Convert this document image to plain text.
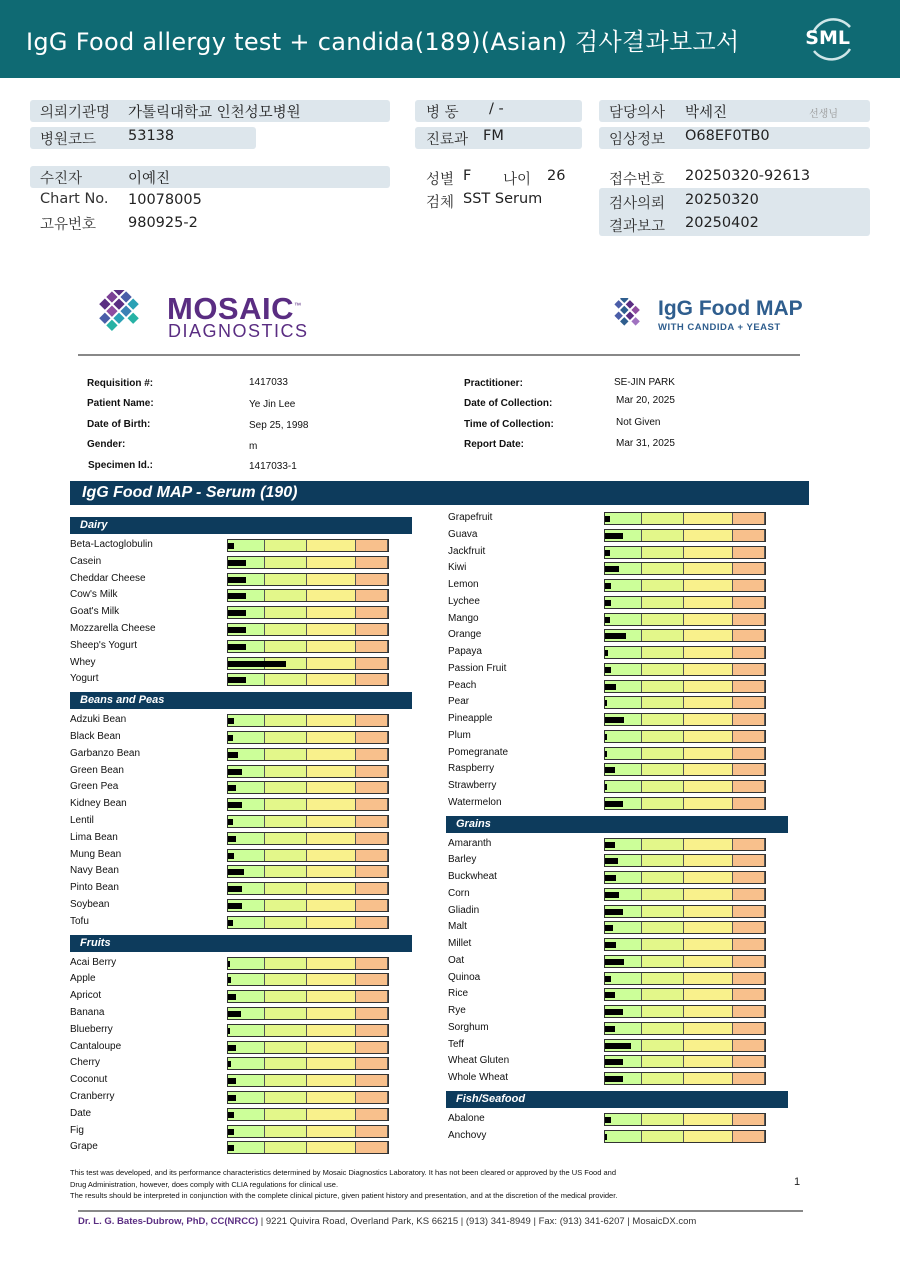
IgG Food allergy test + candida(189)(Asian) 검사결과보고서	SML
의뢰기관명 가톨릭대학교 인천성모병원
병원코드 53138
병 동 / -
진료과 FM
담당의사 박세진	선생님
임상정보 O68EF0TB0
수진자	이예진
Chart No. 10078005
고유번호 980925-2
성별 F 나이 26
검체 SST Serum
접수번호 20250320-92613
검사의뢰 20250320
결과보고 20250402
MOSAIC™
DIAGNOSTICS
IgG Food MAP
WITH CANDIDA + YEAST
Requisition #:	1417033
Patient Name:	Ye Jin Lee
Date of Birth:	Sep 25, 1998
Gender:	m
Specimen Id.:	1417033-1
Practitioner:	SE-JIN PARK
Date of Collection:	Mar 20, 2025
Time of Collection:	Not Given
Report Date:	Mar 31, 2025
IgG Food MAP - Serum (190)
Dairy
Beta-Lactoglobulin
Casein
Cheddar Cheese
Cow's Milk
Goat's Milk
Mozzarella Cheese
Sheep's Yogurt
Whey
Yogurt
Beans and Peas
Adzuki Bean
Black Bean
Garbanzo Bean
Green Bean
Green Pea
Kidney Bean
Lentil
Lima Bean
Mung Bean
Navy Bean
Pinto Bean
Soybean
Tofu
Fruits
Acai Berry
Apple
Apricot
Banana
Blueberry
Cantaloupe
Cherry
Coconut
Cranberry
Date
Fig
Grape
Grapefruit
Guava
Jackfruit
Kiwi
Lemon
Lychee
Mango
Orange
Papaya
Passion Fruit
Peach
Pear
Pineapple
Plum
Pomegranate
Raspberry
Strawberry
Watermelon
Grains
Amaranth
Barley
Buckwheat
Corn
Gliadin
Malt
Millet
Oat
Quinoa
Rice
Rye
Sorghum
Teff
Wheat Gluten
Whole Wheat
Fish/Seafood
Abalone
Anchovy
This test was developed, and its performance characteristics determined by Mosaic Diagnostics Laboratory. It has not been cleared or approved by the US Food and
Drug Administration, however, does comply with CLIA regulations for clinical use.
The results should be interpreted in conjunction with the complete clinical picture, given patient history and presentation, and at the discretion of the medical provider.
1
Dr. L. G. Bates-Dubrow, PhD, CC(NRCC) | 9221 Quivira Road, Overland Park, KS 66215 | (913) 341-8949 | Fax: (913) 341-6207 | MosaicDX.com
